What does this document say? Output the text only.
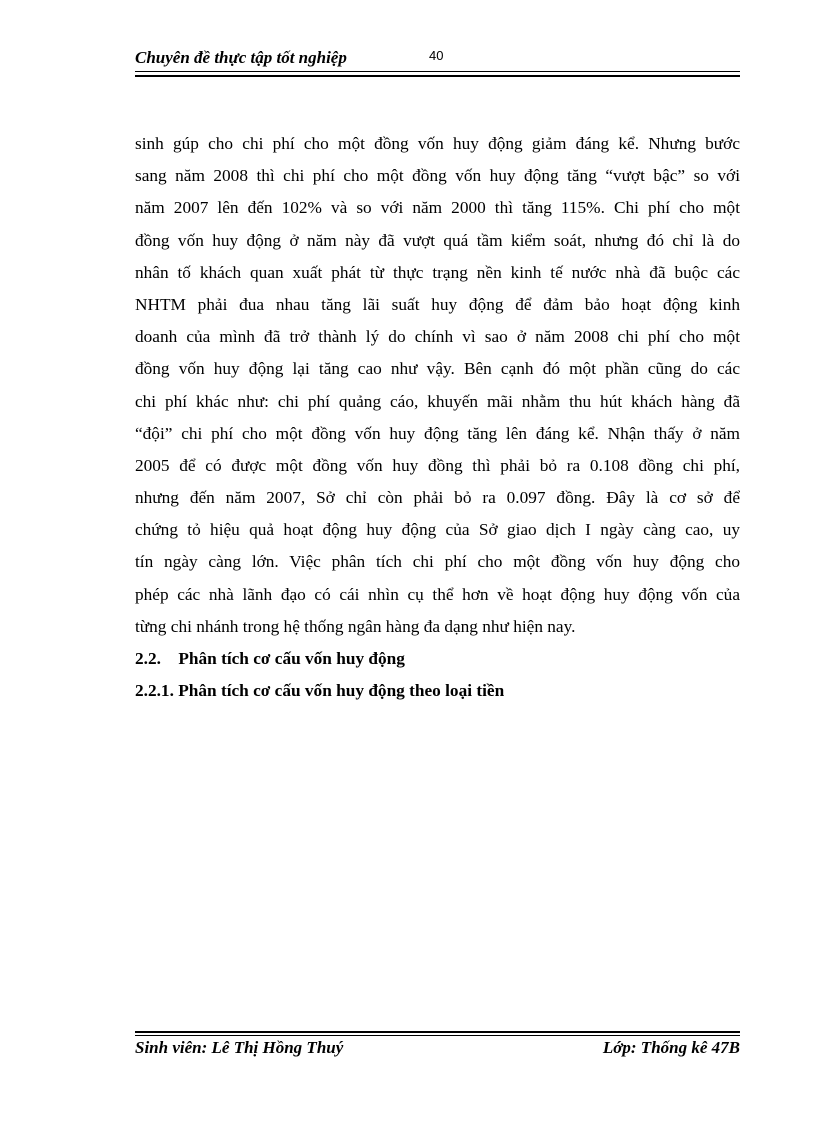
Chuyên đề thực tập tốt nghiệp	40
sinh gúp cho chi phí cho một đồng vốn huy động giảm đáng kể. Nhưng bước
sang năm 2008 thì chi phí cho một đồng vốn huy động tăng “vượt bậc” so với
năm 2007 lên đến 102% và so với năm 2000 thì tăng 115%. Chi phí cho một
đồng vốn huy động ở năm này đã vượt quá tầm kiểm soát, nhưng đó chỉ là do
nhân tố khách quan xuất phát từ thực trạng nền kinh tế nước nhà đã buộc các
NHTM phải đua nhau tăng lãi suất huy động để đảm bảo hoạt động kinh
doanh của mình đã trở thành lý do chính vì sao ở năm 2008 chi phí cho một
đồng vốn huy động lại tăng cao như vậy. Bên cạnh đó một phần cũng do các
chi phí khác như: chi phí quảng cáo, khuyến mãi nhằm thu hút khách hàng đã
“đội” chi phí cho một đồng vốn huy động tăng lên đáng kể. Nhận thấy ở năm
2005 để có được một đồng vốn huy đồng thì phải bỏ ra 0.108 đồng chi phí,
nhưng đến năm 2007, Sở chỉ còn phải bỏ ra 0.097 đồng. Đây là cơ sở để
chứng tỏ hiệu quả hoạt động huy động của Sở giao dịch I ngày càng cao, uy
tín ngày càng lớn. Việc phân tích chi phí cho một đồng vốn huy động cho
phép các nhà lãnh đạo có cái nhìn cụ thể hơn về hoạt động huy động vốn của
từng chi nhánh trong hệ thống ngân hàng đa dạng như hiện nay.
2.2. Phân tích cơ cấu vốn huy động
2.2.1. Phân tích cơ cấu vốn huy động theo loại tiền
Sinh viên: Lê Thị Hồng Thuý	Lớp: Thống kê 47B
